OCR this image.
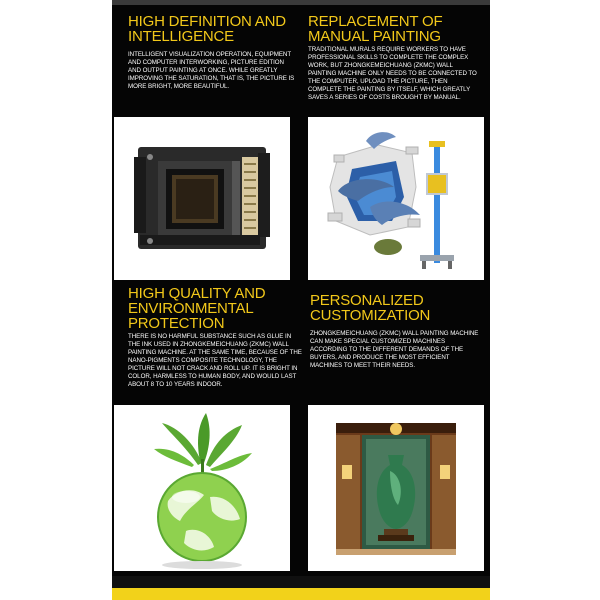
HIGH DEFINITION AND
INTELLIGENCE

INTELLIGENT VISUALIZATION OPERATION, EQUIPMENT AND COMPUTER INTERWORKING, PICTURE EDITION AND OUTPUT PAINTING AT ONCE. WHILE GREATLY IMPROVING THE SATURATION, THAT IS, THE PICTURE IS MORE BRIGHT, MORE BEAUTIFUL.

REPLACEMENT OF
MANUAL PAINTING

TRADITIONAL MURALS REQUIRE WORKERS TO HAVE PROFESSIONAL SKILLS TO COMPLETE THE COMPLEX WORK, BUT ZHONGKEMEICHUANG (ZKMC) WALL PAINTING MACHINE ONLY NEEDS TO BE CONNECTED TO THE COMPUTER, UPLOAD THE PICTURE, THEN COMPLETE THE PAINTING BY ITSELF, WHICH GREATLY SAVES A SERIES OF COSTS BROUGHT BY MANUAL.

HIGH QUALITY AND
ENVIRONMENTAL
PROTECTION

THERE IS NO HARMFUL SUBSTANCE SUCH AS GLUE IN THE INK USED IN ZHONGKEMEICHUANG (ZKMC) WALL PAINTING MACHINE. AT THE SAME TIME, BECAUSE OF THE NANO-PIGMENTS COMPOSITE TECHNOLOGY, THE PICTURE WILL NOT CRACK AND ROLL UP. IT IS BRIGHT IN COLOR, HARMLESS TO HUMAN BODY, AND WOULD LAST ABOUT 8 TO 10 YEARS INDOOR.

PERSONALIZED
CUSTOMIZATION

ZHONGKEMEICHUANG (ZKMC) WALL PAINTING MACHINE CAN MAKE SPECIAL CUSTOMIZED MACHINES ACCORDING TO THE DIFFERENT DEMANDS OF THE BUYERS, AND PRODUCE THE MOST EFFICIENT MACHINES TO MEET THEIR NEEDS.
